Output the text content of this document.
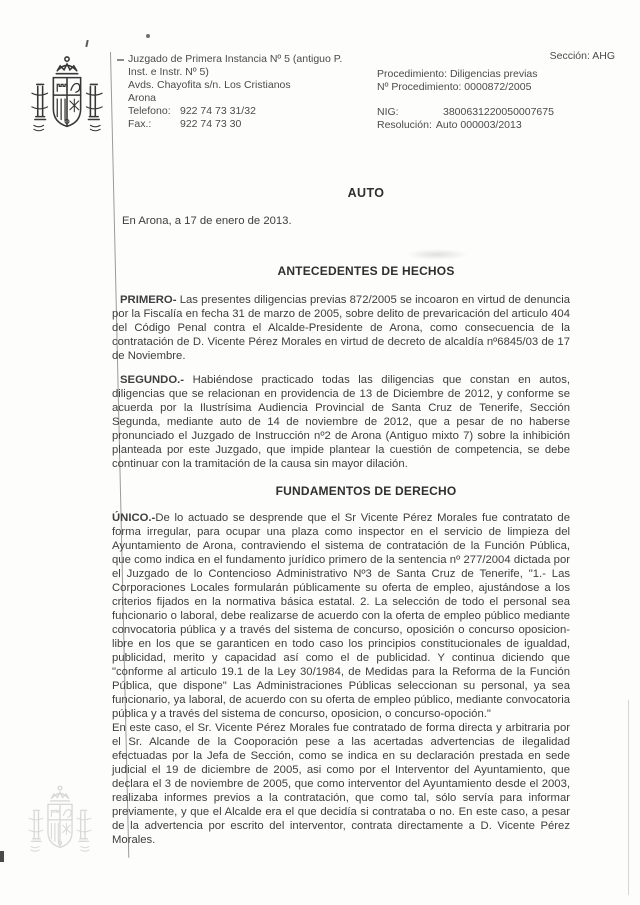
Juzgado de Primera Instancia Nº 5 (antiguo P.
Inst. e Instr. Nº 5)
Avds. Chayofita s/n. Los Cristianos
Arona
Telefono: 922 74 73 31/32
Fax.:	922 74 73 30
Sección: AHG
Procedimiento: Diligencias previas
Nº Procedimiento: 0000872/2005
NIG:	3800631220050007675
Resolución: Auto 000003/2013
AUTO
En Arona, a 17 de enero de 2013.
ANTECEDENTES DE HECHOS

PRIMERO- Las presentes diligencias previas 872/2005 se incoaron en virtud de denuncia por la Fiscalía en fecha 31 de marzo de 2005, sobre delito de prevaricación del articulo 404 del Código Penal contra el Alcalde-Presidente de Arona, como consecuencia de la contratación de D. Vicente Pérez Morales en virtud de decreto de alcaldía nº6845/03 de 17 de Noviembre.

SEGUNDO.- Habiéndose practicado todas las diligencias que constan en autos, diligencias que se relacionan en providencia de 13 de Diciembre de 2012, y conforme se acuerda por la Ilustrísima Audiencia Provincial de Santa Cruz de Tenerife, Sección Segunda, mediante auto de 14 de noviembre de 2012, que a pesar de no haberse pronunciado el Juzgado de Instrucción nº2 de Arona (Antiguo mixto 7) sobre la inhibición planteada por este Juzgado, que impide plantear la cuestión de competencia, se debe continuar con la tramitación de la causa sin mayor dilación.

FUNDAMENTOS DE DERECHO

ÚNICO.-De lo actuado se desprende que el Sr Vicente Pérez Morales fue contratato de forma irregular, para ocupar una plaza como inspector en el servicio de limpieza del Ayuntamiento de Arona, contraviendo el sistema de contratación de la Función Pública, que como indica en el fundamento jurídico primero de la sentencia nº 277/2004 dictada por el Juzgado de lo Contencioso Administrativo Nº3 de Santa Cruz de Tenerife, "1.- Las Corporaciones Locales formularán públicamente su oferta de empleo, ajustándose a los criterios fijados en la normativa básica estatal. 2. La selección de todo el personal sea funcionario o laboral, debe realizarse de acuerdo con la oferta de empleo público mediante convocatoria pública y a través del sistema de concurso, oposición o concurso oposicion-libre en los que se garanticen en todo caso los principios constitucionales de igualdad, publicidad, merito y capacidad así como el de publicidad. Y continua diciendo que "conforme al articulo 19.1 de la Ley 30/1984, de Medidas para la Reforma de la Función Pública, que dispone" Las Administraciones Públicas seleccionan su personal, ya sea funcionario, ya laboral, de acuerdo con su oferta de empleo público, mediante convocatoria pública y a través del sistema de concurso, oposicion, o concurso-opoción."

En este caso, el Sr. Vicente Pérez Morales fue contratado de forma directa y arbitraria por el Sr. Alcande de la Cooporación pese a las acertadas advertencias de ilegalidad efectuadas por la Jefa de Sección, como se indica en su declaración prestada en sede judicial el 19 de diciembre de 2005, asi como por el Interventor del Ayuntamiento, que declara el 3 de noviembre de 2005, que como interventor del Ayuntamiento desde el 2003, realizaba informes previos a la contratación, que como tal, sólo servía para informar previamente, y que el Alcalde era el que decidía si contrataba o no. En este caso, a pesar de la advertencia por escrito del interventor, contrata directamente a D. Vicente Pérez Morales.
